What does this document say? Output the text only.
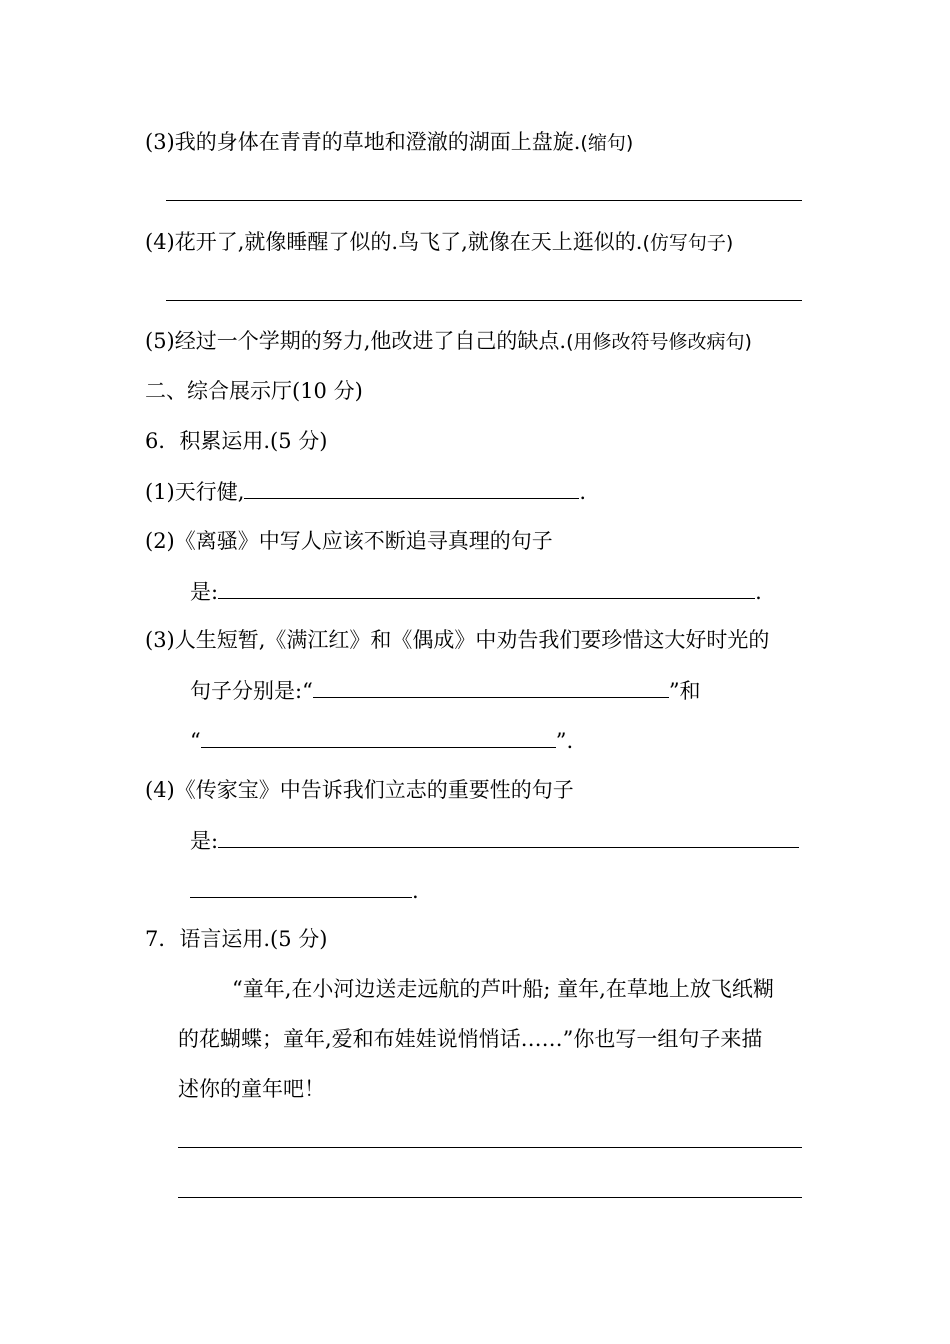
(3)我的身体在青青的草地和澄澈的湖面上盘旋.(缩句)
(4)花开了,就像睡醒了似的.鸟飞了,就像在天上逛似的.(仿写句子)
(5)经过一个学期的努力,他改进了自己的缺点.(用修改符号修改病句)
二、综合展示厅(10 分)
6．积累运用.(5 分)
(1)天行健,	.
(2)《离骚》中写人应该不断追寻真理的句子
是:	.
(3)人生短暂,《满江红》和《偶成》中劝告我们要珍惜这大好时光的
句子分别是:“	”和
“	”.
(4)《传家宝》中告诉我们立志的重要性的句子
是:
.
7．语言运用.(5 分)
“童年,在小河边送走远航的芦叶船; 童年,在草地上放飞纸糊
的花蝴蝶；童年,爱和布娃娃说悄悄话……”你也写一组句子来描
述你的童年吧！
